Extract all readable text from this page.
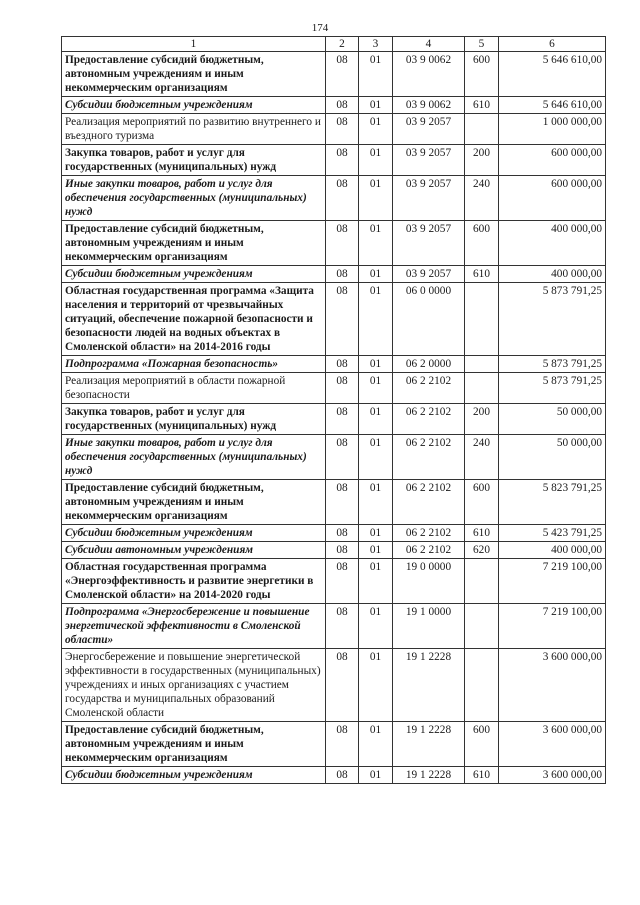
174
1	2	3	4	5	6
Предоставление субсидий бюджетным, автономным учреждениям и иным некоммерческим организациям	08	01	03 9 0062	600	5 646 610,00
Субсидии бюджетным учреждениям	08	01	03 9 0062	610	5 646 610,00
Реализация мероприятий по развитию внутреннего и въездного туризма	08	01	03 9 2057		1 000 000,00
Закупка товаров, работ и услуг для государственных (муниципальных) нужд	08	01	03 9 2057	200	600 000,00
Иные закупки товаров, работ и услуг для обеспечения государственных (муниципальных) нужд	08	01	03 9 2057	240	600 000,00
Предоставление субсидий бюджетным, автономным учреждениям и иным некоммерческим организациям	08	01	03 9 2057	600	400 000,00
Субсидии бюджетным учреждениям	08	01	03 9 2057	610	400 000,00
Областная государственная программа «Защита населения и территорий от чрезвычайных ситуаций, обеспечение пожарной безопасности и безопасности людей на водных объектах в Смоленской области» на 2014-2016 годы	08	01	06 0 0000		5 873 791,25
Подпрограмма «Пожарная безопасность»	08	01	06 2 0000		5 873 791,25
Реализация мероприятий в области пожарной безопасности	08	01	06 2 2102		5 873 791,25
Закупка товаров, работ и услуг для государственных (муниципальных) нужд	08	01	06 2 2102	200	50 000,00
Иные закупки товаров, работ и услуг для обеспечения государственных (муниципальных) нужд	08	01	06 2 2102	240	50 000,00
Предоставление субсидий бюджетным, автономным учреждениям и иным некоммерческим организациям	08	01	06 2 2102	600	5 823 791,25
Субсидии бюджетным учреждениям	08	01	06 2 2102	610	5 423 791,25
Субсидии автономным учреждениям	08	01	06 2 2102	620	400 000,00
Областная государственная программа «Энергоэффективность и развитие энергетики в Смоленской области» на 2014-2020 годы	08	01	19 0 0000		7 219 100,00
Подпрограмма «Энергосбережение и повышение энергетической эффективности в Смоленской области»	08	01	19 1 0000		7 219 100,00
Энергосбережение и повышение энергетической эффективности в государственных (муниципальных) учреждениях и иных организациях с участием государства и муниципальных образований Смоленской области	08	01	19 1 2228		3 600 000,00
Предоставление субсидий бюджетным, автономным учреждениям и иным некоммерческим организациям	08	01	19 1 2228	600	3 600 000,00
Субсидии бюджетным учреждениям	08	01	19 1 2228	610	3 600 000,00
